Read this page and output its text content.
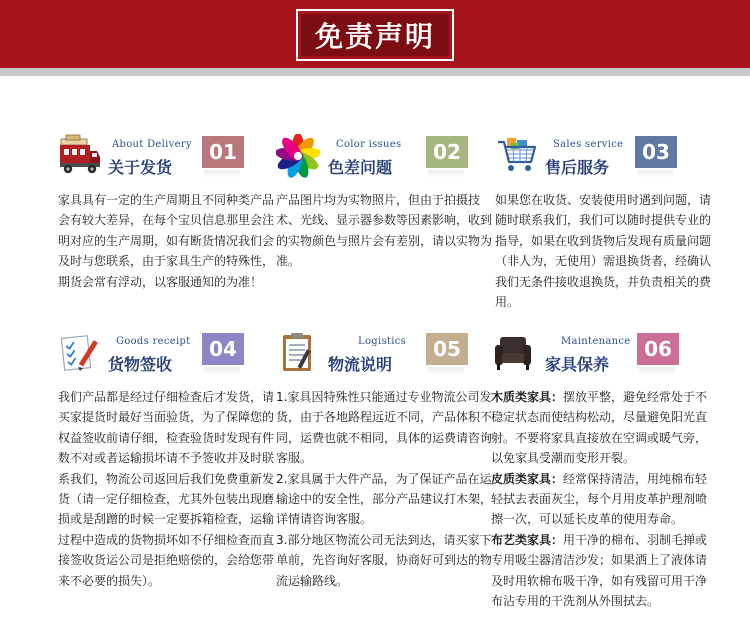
免责声明
About Delivery
关于发货
01

家具具有一定的生产周期且不同种类产品会有较大差异，在每个宝贝信息那里会注明对应的生产周期，如有断货情况我们会及时与您联系，由于家具生产的特殊性，期货会常有浮动，以客服通知的为准！

Color issues
色差问题
02

产品图片均为实物照片，但由于拍摄技术、光线、显示器参数等因素影响，收到的实物颜色与照片会有差别，请以实物为准。

Sales service
售后服务
03

如果您在收货、安装使用时遇到问题，请随时联系我们，我们可以随时提供专业的指导，如果在收到货物后发现有质量问题（非人为，无使用）需退换货者，经确认我们无条件接收退换货，并负责相关的费用。

Goods receipt
货物签收
04

我们产品都是经过仔细检查后才发货，请买家提货时最好当面验货，为了保障您的权益签收前请仔细，检查验货时发现有件数不对或者运输损坏请不予签收并及时联系我们，物流公司返回后我们免费重新发货（请一定仔细检查，尤其外包装出现磨损或是刮蹭的时候一定要拆箱检查，运输过程中造成的货物损坏如不仔细检查而直接签收货运公司是拒绝赔偿的，会给您带来不必要的损失）。

Logistics
物流说明
05

1.家具因特殊性只能通过专业物流公司发货，由于各地路程远近不同，产品体积不同，运费也就不相同，具体的运费请咨询客服。

2.家具属于大件产品，为了保证产品在运输途中的安全性，部分产品建议打木架，详情请咨询客服。

3.部分地区物流公司无法到达，请买家下单前，先咨询好客服，协商好可到达的物流运输路线。

Maintenance
家具保养
06

木质类家具：摆放平整，避免经常处于不稳定状态而使结构松动，尽量避免阳光直射。不要将家具直接放在空调或暖气旁，以免家具受潮而变形开裂。

皮质类家具：经常保持清洁，用纯棉布轻轻拭去表面灰尘，每个月用皮革护理剂喷擦一次，可以延长皮革的使用寿命。

布艺类家具：用干净的棉布、羽制毛掸或专用吸尘器清洁沙发；如果洒上了液体请及时用软棉布吸干净，如有残留可用干净布沾专用的干洗剂从外围拭去。
